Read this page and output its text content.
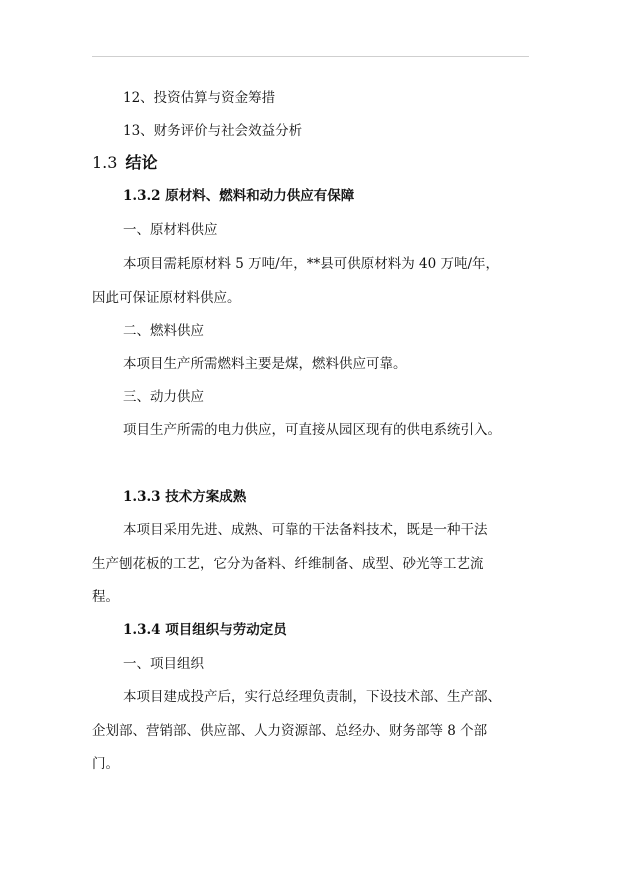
12、投资估算与资金筹措
13、财务评价与社会效益分析
1.3 结论
1.3.2 原材料、燃料和动力供应有保障
一、原材料供应
本项目需耗原材料 5 万吨/年，**县可供原材料为 40 万吨/年，
因此可保证原材料供应。
二、燃料供应
本项目生产所需燃料主要是煤，燃料供应可靠。
三、动力供应
项目生产所需的电力供应，可直接从园区现有的供电系统引入。
1.3.3 技术方案成熟
本项目采用先进、成熟、可靠的干法备料技术，既是一种干法
生产刨花板的工艺，它分为备料、纤维制备、成型、砂光等工艺流
程。
1.3.4 项目组织与劳动定员
一、项目组织
本项目建成投产后，实行总经理负责制，下设技术部、生产部、
企划部、营销部、供应部、人力资源部、总经办、财务部等 8 个部
门。
